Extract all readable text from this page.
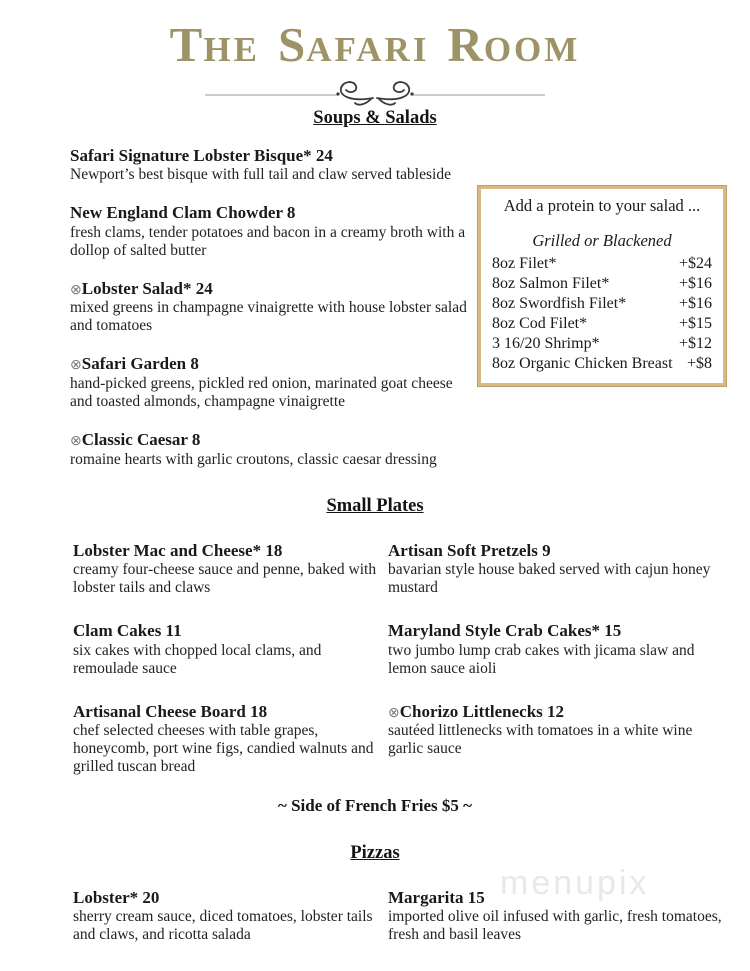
menupix
THE SAFARI ROOM
Soups & Salads
Safari Signature Lobster Bisque* 24
Newport’s best bisque with full tail and claw served tableside
New England Clam Chowder 8
fresh clams, tender potatoes and bacon in a creamy broth with a dollop of salted butter
⊗Lobster Salad* 24
mixed greens in champagne vinaigrette with house lobster salad and tomatoes
⊗Safari Garden 8
hand-picked greens, pickled red onion, marinated goat cheese and toasted almonds, champagne vinaigrette
⊗Classic Caesar 8
romaine hearts with garlic croutons, classic caesar dressing
Add a protein to your salad ...
Grilled or Blackened
8oz Filet*	+$24
8oz Salmon Filet*	+$16
8oz Swordfish Filet*	+$16
8oz Cod Filet*	+$15
3 16/20 Shrimp*	+$12
8oz Organic Chicken Breast +$8
Small Plates
Lobster Mac and Cheese* 18
creamy four-cheese sauce and penne, baked with lobster tails and claws
Artisan Soft Pretzels 9
bavarian style house baked served with cajun honey mustard
Clam Cakes 11
six cakes with chopped local clams, and remoulade sauce
Maryland Style Crab Cakes* 15
two jumbo lump crab cakes with jicama slaw and lemon sauce aioli
Artisanal Cheese Board 18
chef selected cheeses with table grapes, honeycomb, port wine figs, candied walnuts and grilled tuscan bread
⊗Chorizo Littlenecks 12
sautéed littlenecks with tomatoes in a white wine garlic sauce
~ Side of French Fries $5 ~
Pizzas
Lobster* 20
sherry cream sauce, diced tomatoes, lobster tails and claws, and ricotta salada
Margarita 15
imported olive oil infused with garlic, fresh tomatoes, fresh and basil leaves
